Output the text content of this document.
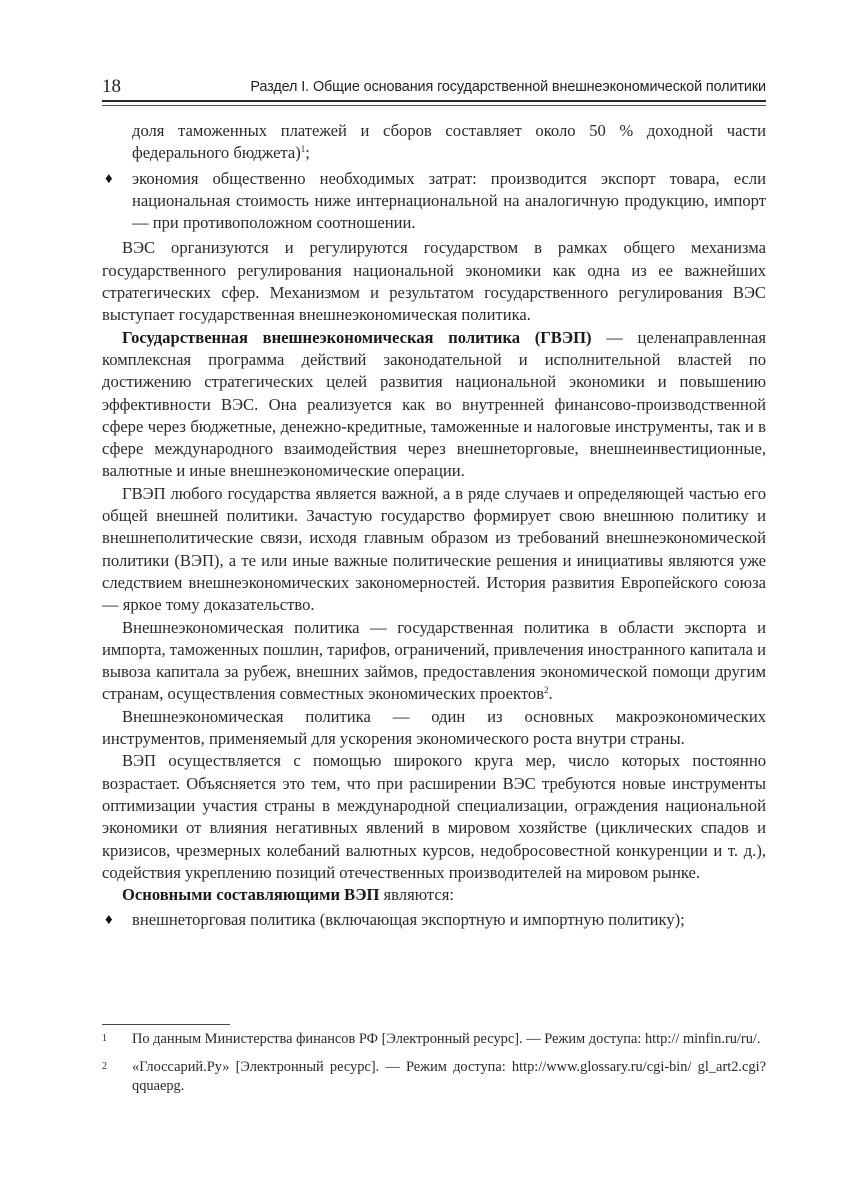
18	Раздел I. Общие основания государственной внешнеэкономической политики

доля таможенных платежей и сборов составляет около 50 % доходной части федерального бюджета)$^1$;

♦ экономия общественно необходимых затрат: производится экспорт товара, если национальная стоимость ниже интернациональной на аналогичную продукцию, импорт — при противоположном соотношении.

ВЭС организуются и регулируются государством в рамках общего механизма государственного регулирования национальной экономики как одна из ее важнейших стратегических сфер. Механизмом и результатом государственного регулирования ВЭС выступает государственная внешнеэкономическая политика.

Государственная внешнеэкономическая политика (ГВЭП) — целенаправленная комплексная программа действий законодательной и исполнительной властей по достижению стратегических целей развития национальной экономики и повышению эффективности ВЭС. Она реализуется как во внутренней финансово-производственной сфере через бюджетные, денежно-кредитные, таможенные и налоговые инструменты, так и в сфере международного взаимодействия через внешнеторговые, внешнеинвестиционные, валютные и иные внешнеэкономические операции.

ГВЭП любого государства является важной, а в ряде случаев и определяющей частью его общей внешней политики. Зачастую государство формирует свою внешнюю политику и внешнеполитические связи, исходя главным образом из требований внешнеэкономической политики (ВЭП), а те или иные важные политические решения и инициативы являются уже следствием внешнеэкономических закономерностей. История развития Европейского союза — яркое тому доказательство.

Внешнеэкономическая политика — государственная политика в области экспорта и импорта, таможенных пошлин, тарифов, ограничений, привлечения иностранного капитала и вывоза капитала за рубеж, внешних займов, предоставления экономической помощи другим странам, осуществления совместных экономических проектов$^2$.

Внешнеэкономическая политика — один из основных макроэкономических инструментов, применяемый для ускорения экономического роста внутри страны.

ВЭП осуществляется с помощью широкого круга мер, число которых постоянно возрастает. Объясняется это тем, что при расширении ВЭС требуются новые инструменты оптимизации участия страны в международной специализации, ограждения национальной экономики от влияния негативных явлений в мировом хозяйстве (циклических спадов и кризисов, чрезмерных колебаний валютных курсов, недобросовестной конкуренции и т. д.), содействия укреплению позиций отечественных производителей на мировом рынке.

Основными составляющими ВЭП являются:

♦ внешнеторговая политика (включающая экспортную и импортную политику);
1 По данным Министерства финансов РФ [Электронный ресурс]. — Режим доступа: http:// minfin.ru/ru/.
2 «Глоссарий.Ру» [Электронный ресурс]. — Режим доступа: http://www.glossary.ru/cgi-bin/ gl_art2.cgi?qquaepg.
